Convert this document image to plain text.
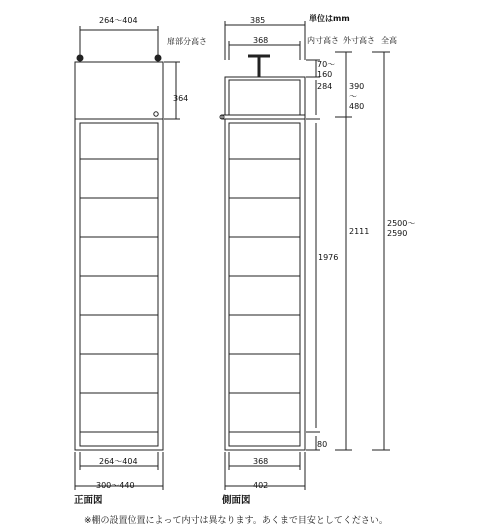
264～404
扉部分高さ
364
264～404
300～440
正面図
385
368
単位はmm
内寸高さ 外寸高さ 全高
70～160
284 390～480
1976
2111
2500～2590
80
368
402
側面図
※棚の設置位置によって内寸は異なります。あくまで目安としてください。
